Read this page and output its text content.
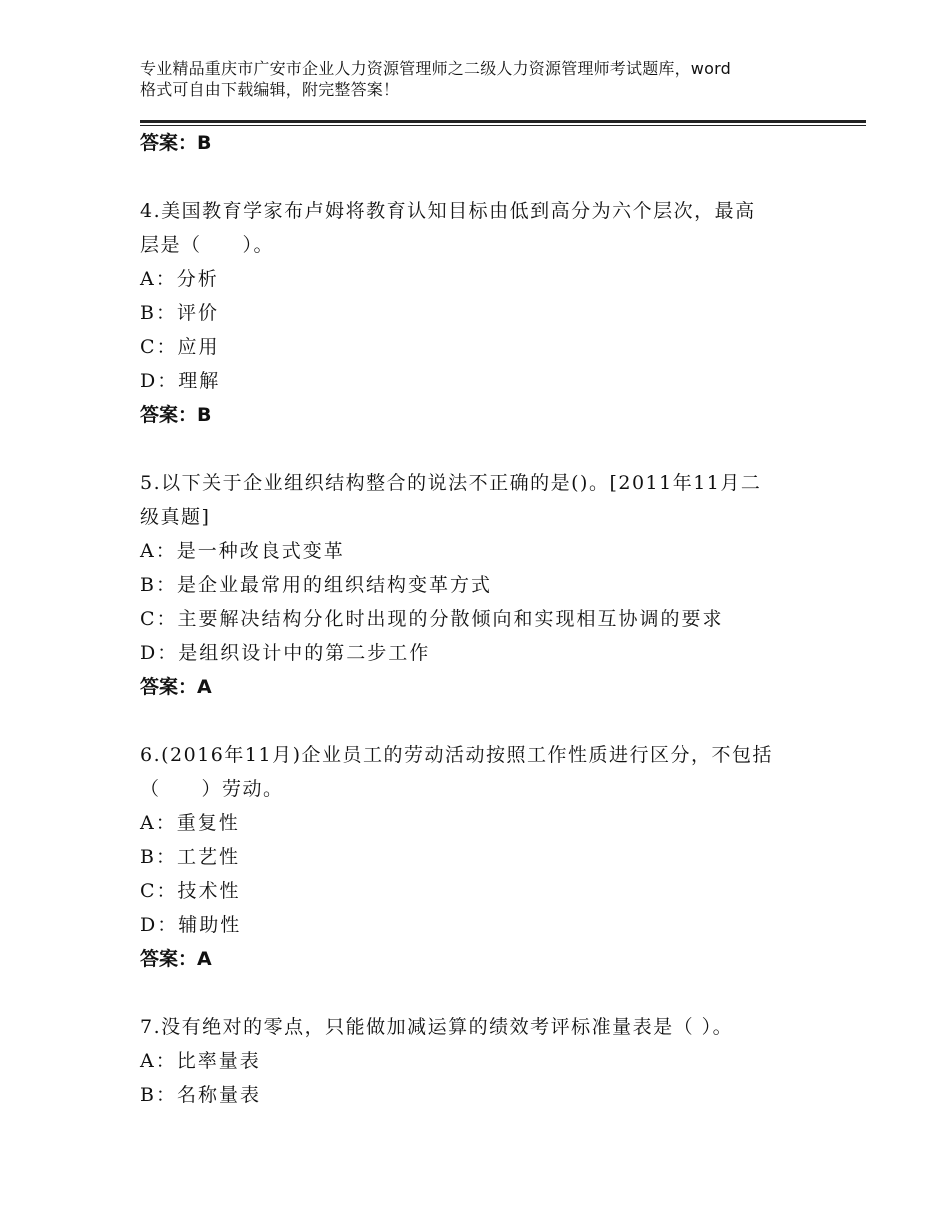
专业精品重庆市广安市企业人力资源管理师之二级人力资源管理师考试题库，word
格式可自由下载编辑，附完整答案！
答案：B
4.美国教育学家布卢姆将教育认知目标由低到高分为六个层次，最高
层是（　　）。
A：分析
B：评价
C：应用
D：理解
答案：B
5.以下关于企业组织结构整合的说法不正确的是()。[2011年11月二
级真题]
A：是一种改良式变革
B：是企业最常用的组织结构变革方式
C：主要解决结构分化时出现的分散倾向和实现相互协调的要求
D：是组织设计中的第二步工作
答案：A
6.(2016年11月)企业员工的劳动活动按照工作性质进行区分，不包括
（　　）劳动。
A：重复性
B：工艺性
C：技术性
D：辅助性
答案：A
7.没有绝对的零点，只能做加减运算的绩效考评标准量表是（ ）。
A：比率量表
B：名称量表
